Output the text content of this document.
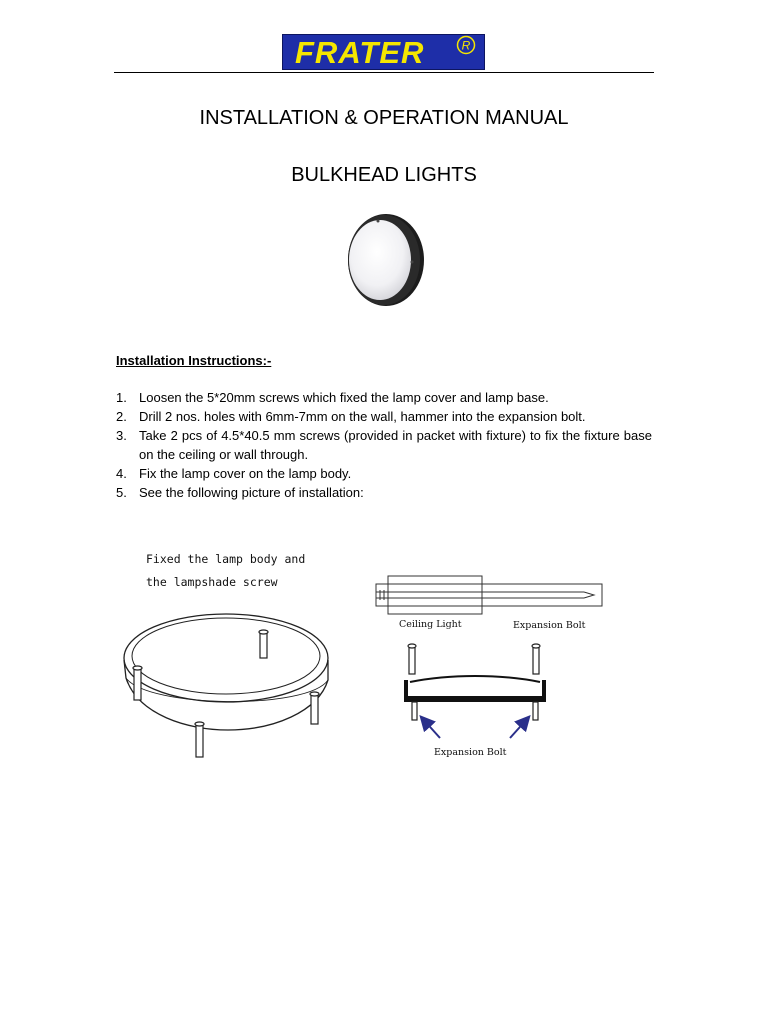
FRATER	R
INSTALLATION & OPERATION MANUAL
BULKHEAD LIGHTS
Installation Instructions:-
1. Loosen the 5*20mm screws which fixed the lamp cover and lamp base.
2. Drill 2 nos. holes with 6mm-7mm on the wall, hammer into the expansion bolt.
3. Take 2 pcs of 4.5*40.5 mm screws (provided in packet with fixture) to fix the fixture base on the ceiling or wall through.
4. Fix the lamp cover on the lamp body.
5. See the following picture of installation:
Fixed the lamp body and
the lampshade screw
Ceiling Light	Expansion Bolt
Expansion Bolt
